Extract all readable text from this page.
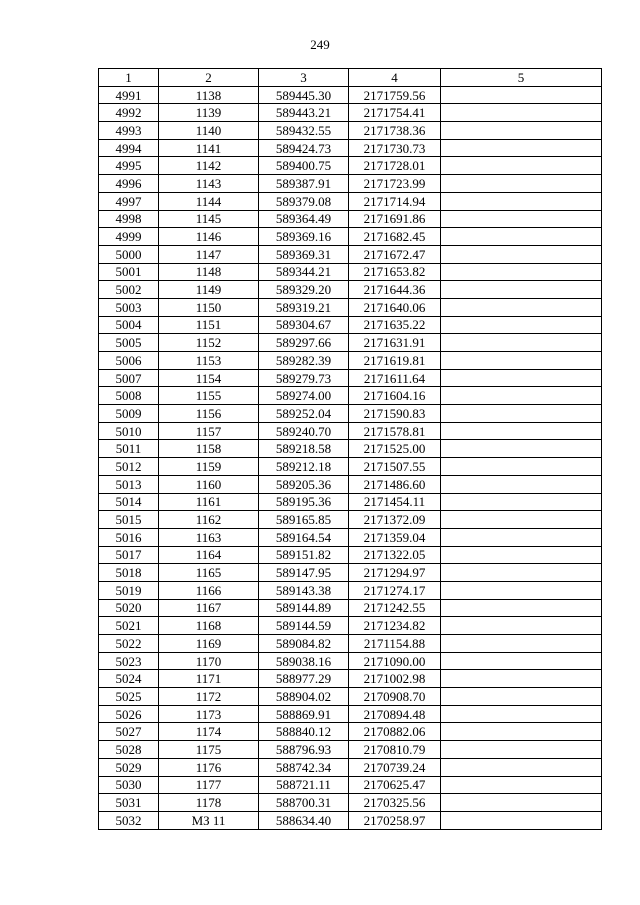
249
1	2	3	4	5
4991	1138	589445.30	2171759.56	
4992	1139	589443.21	2171754.41	
4993	1140	589432.55	2171738.36	
4994	1141	589424.73	2171730.73	
4995	1142	589400.75	2171728.01	
4996	1143	589387.91	2171723.99	
4997	1144	589379.08	2171714.94	
4998	1145	589364.49	2171691.86	
4999	1146	589369.16	2171682.45	
5000	1147	589369.31	2171672.47	
5001	1148	589344.21	2171653.82	
5002	1149	589329.20	2171644.36	
5003	1150	589319.21	2171640.06	
5004	1151	589304.67	2171635.22	
5005	1152	589297.66	2171631.91	
5006	1153	589282.39	2171619.81	
5007	1154	589279.73	2171611.64	
5008	1155	589274.00	2171604.16	
5009	1156	589252.04	2171590.83	
5010	1157	589240.70	2171578.81	
5011	1158	589218.58	2171525.00	
5012	1159	589212.18	2171507.55	
5013	1160	589205.36	2171486.60	
5014	1161	589195.36	2171454.11	
5015	1162	589165.85	2171372.09	
5016	1163	589164.54	2171359.04	
5017	1164	589151.82	2171322.05	
5018	1165	589147.95	2171294.97	
5019	1166	589143.38	2171274.17	
5020	1167	589144.89	2171242.55	
5021	1168	589144.59	2171234.82	
5022	1169	589084.82	2171154.88	
5023	1170	589038.16	2171090.00	
5024	1171	588977.29	2171002.98	
5025	1172	588904.02	2170908.70	
5026	1173	588869.91	2170894.48	
5027	1174	588840.12	2170882.06	
5028	1175	588796.93	2170810.79	
5029	1176	588742.34	2170739.24	
5030	1177	588721.11	2170625.47	
5031	1178	588700.31	2170325.56	
5032	МЗ 11	588634.40	2170258.97	
